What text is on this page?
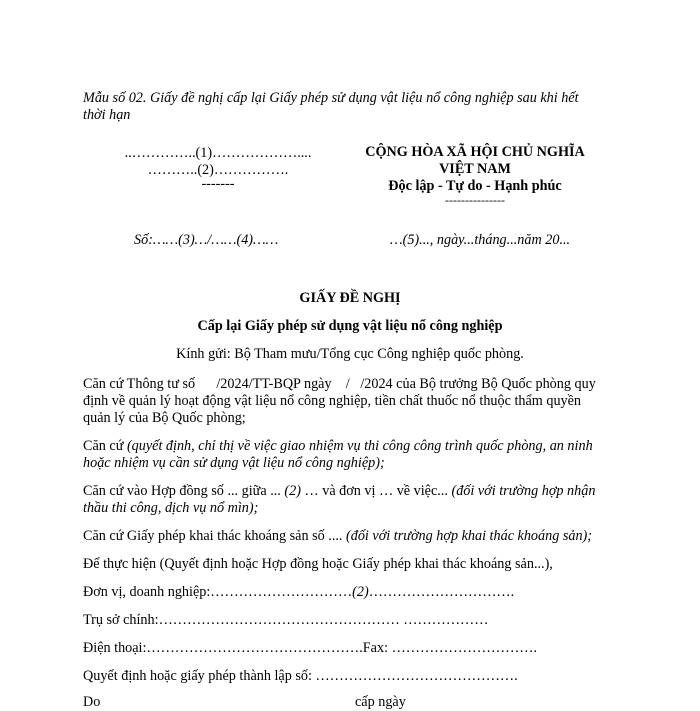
Mẫu số 02. Giấy đề nghị cấp lại Giấy phép sử dụng vật liệu nổ công nghiệp sau khi hết
thời hạn
..…………..(1)………………....
………..(2)…………….
-------
Số:……(3)…/……(4)……
CỘNG HÒA XÃ HỘI CHỦ NGHĨA
VIỆT NAM
Độc lập - Tự do - Hạnh phúc
---------------
…(5)..., ngày...tháng...năm 20...
GIẤY ĐỀ NGHỊ
Cấp lại Giấy phép sử dụng vật liệu nổ công nghiệp
Kính gửi: Bộ Tham mưu/Tổng cục Công nghiệp quốc phòng.
Căn cứ Thông tư số      /2024/TT-BQP ngày    /   /2024 của Bộ trưởng Bộ Quốc phòng quy
định về quản lý hoạt động vật liệu nổ công nghiệp, tiền chất thuốc nổ thuộc thẩm quyền
quản lý của Bộ Quốc phòng;
Căn cứ (quyết định, chỉ thị về việc giao nhiệm vụ thi công công trình quốc phòng, an ninh
hoặc nhiệm vụ cần sử dụng vật liệu nổ công nghiệp);
Căn cứ vào Hợp đồng số ... giữa ... (2) … và đơn vị … về việc... (đối với trường hợp nhận
thầu thi công, dịch vụ nổ mìn);
Căn cứ Giấy phép khai thác khoáng sản số .... (đối với trường hợp khai thác khoáng sản);
Để thực hiện (Quyết định hoặc Hợp đồng hoặc Giấy phép khai thác khoáng sản...),
Đơn vị, doanh nghiệp:…………………………(2)………………………….
Trụ sở chính:…………………………………………… ………………
Điện thoại:……………………………………….Fax: ………………………….
Quyết định hoặc giấy phép thành lập số: …………………………………….
Do	cấp ngày
